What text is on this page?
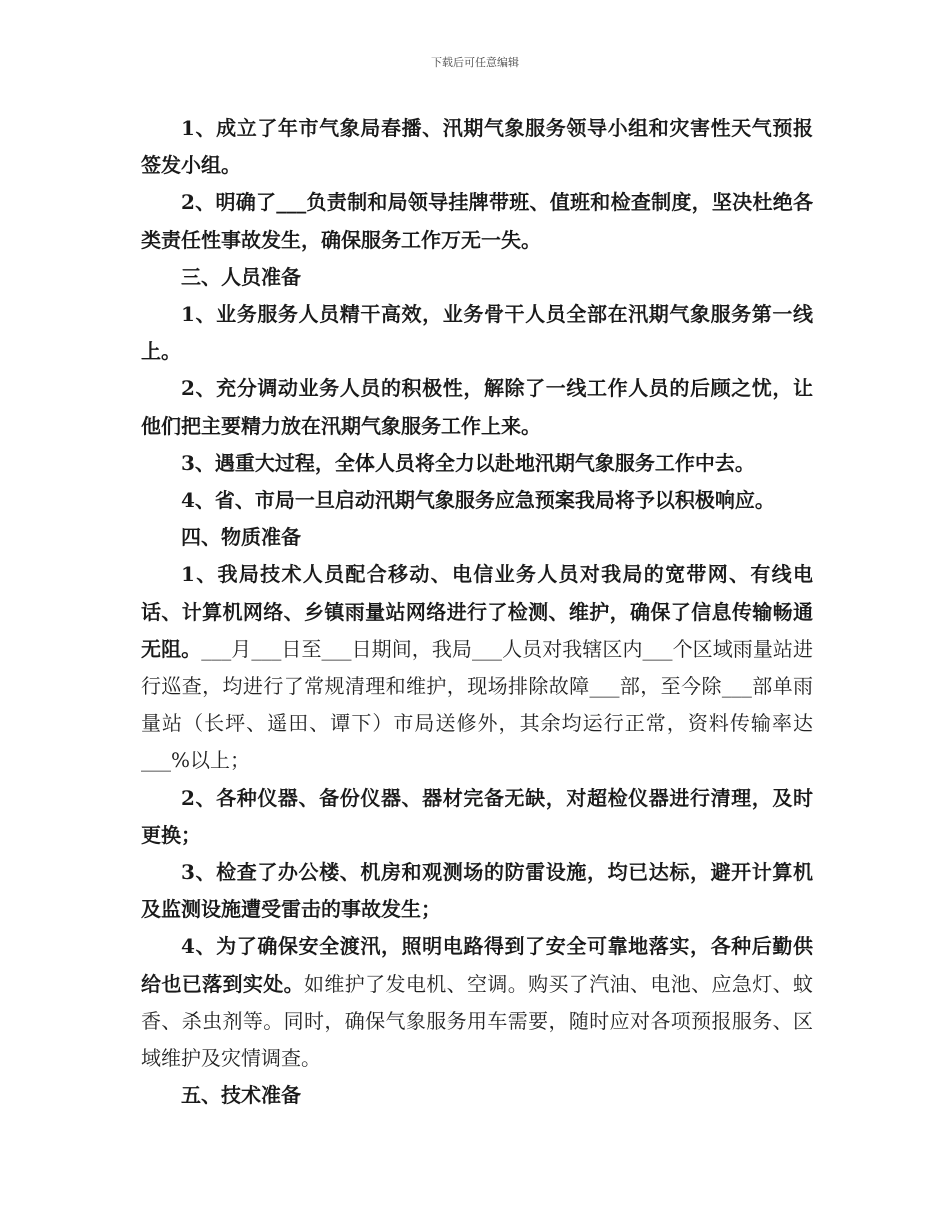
下载后可任意编辑

1、成立了年市气象局春播、汛期气象服务领导小组和灾害性天气预报签发小组。

2、明确了___负责制和局领导挂牌带班、值班和检查制度，坚决杜绝各类责任性事故发生，确保服务工作万无一失。

三、人员准备

1、业务服务人员精干高效，业务骨干人员全部在汛期气象服务第一线上。

2、充分调动业务人员的积极性，解除了一线工作人员的后顾之忧，让他们把主要精力放在汛期气象服务工作上来。

3、遇重大过程，全体人员将全力以赴地汛期气象服务工作中去。

4、省、市局一旦启动汛期气象服务应急预案我局将予以积极响应。

四、物质准备

1、我局技术人员配合移动、电信业务人员对我局的宽带网、有线电话、计算机网络、乡镇雨量站网络进行了检测、维护，确保了信息传输畅通无阻。___月___日至___日期间，我局___人员对我辖区内___个区域雨量站进行巡查，均进行了常规清理和维护，现场排除故障___部，至今除___部单雨量站（长坪、遥田、谭下）市局送修外，其余均运行正常，资料传输率达___%以上；

2、各种仪器、备份仪器、器材完备无缺，对超检仪器进行清理，及时更换；

3、检查了办公楼、机房和观测场的防雷设施，均已达标，避开计算机及监测设施遭受雷击的事故发生；

4、为了确保安全渡汛，照明电路得到了安全可靠地落实，各种后勤供给也已落到实处。如维护了发电机、空调。购买了汽油、电池、应急灯、蚊香、杀虫剂等。同时，确保气象服务用车需要，随时应对各项预报服务、区域维护及灾情调查。

五、技术准备
